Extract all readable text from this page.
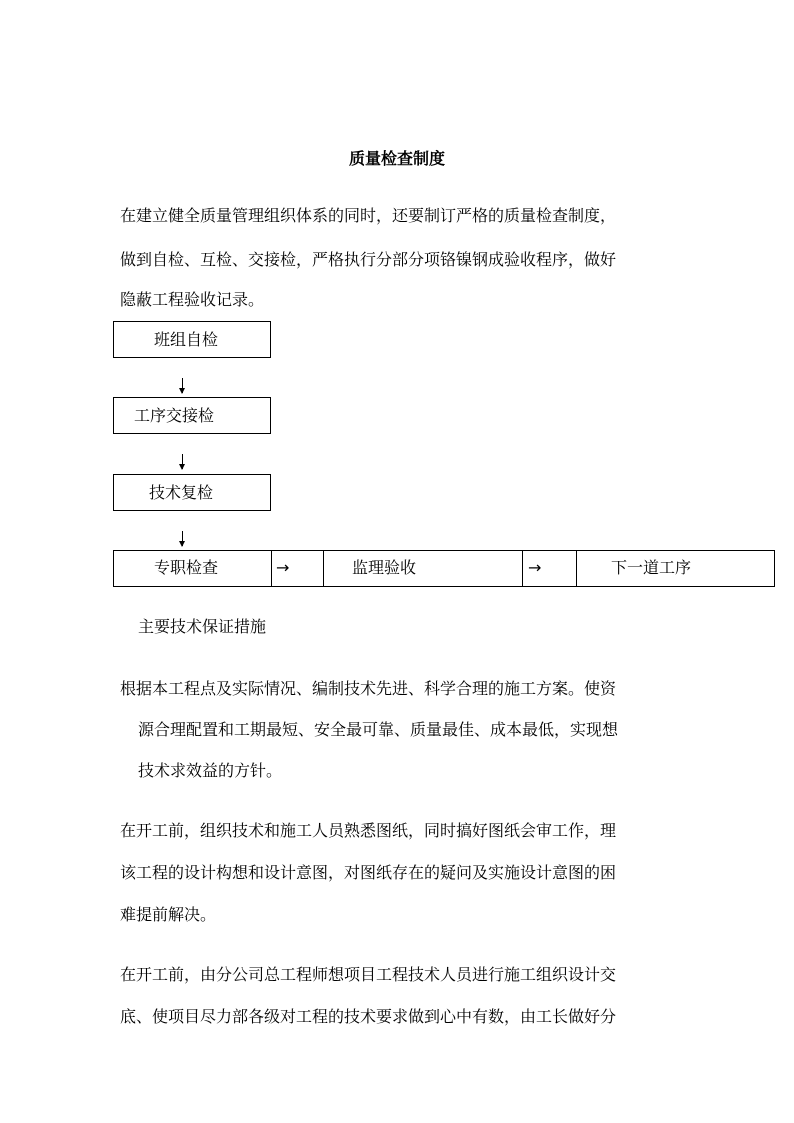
质量检查制度
在建立健全质量管理组织体系的同时，还要制订严格的质量检查制度，
做到自检、互检、交接检，严格执行分部分项铬镍钢成验收程序，做好
隐蔽工程验收记录。
班组自检
工序交接检
技术复检
专职检查	→	监理验收	→	下一道工序
主要技术保证措施
根据本工程点及实际情况、编制技术先进、科学合理的施工方案。使资
源合理配置和工期最短、安全最可靠、质量最佳、成本最低，实现想
技术求效益的方针。
在开工前，组织技术和施工人员熟悉图纸，同时搞好图纸会审工作，理
该工程的设计构想和设计意图，对图纸存在的疑问及实施设计意图的困
难提前解决。
在开工前，由分公司总工程师想项目工程技术人员进行施工组织设计交
底、使项目尽力部各级对工程的技术要求做到心中有数，由工长做好分
